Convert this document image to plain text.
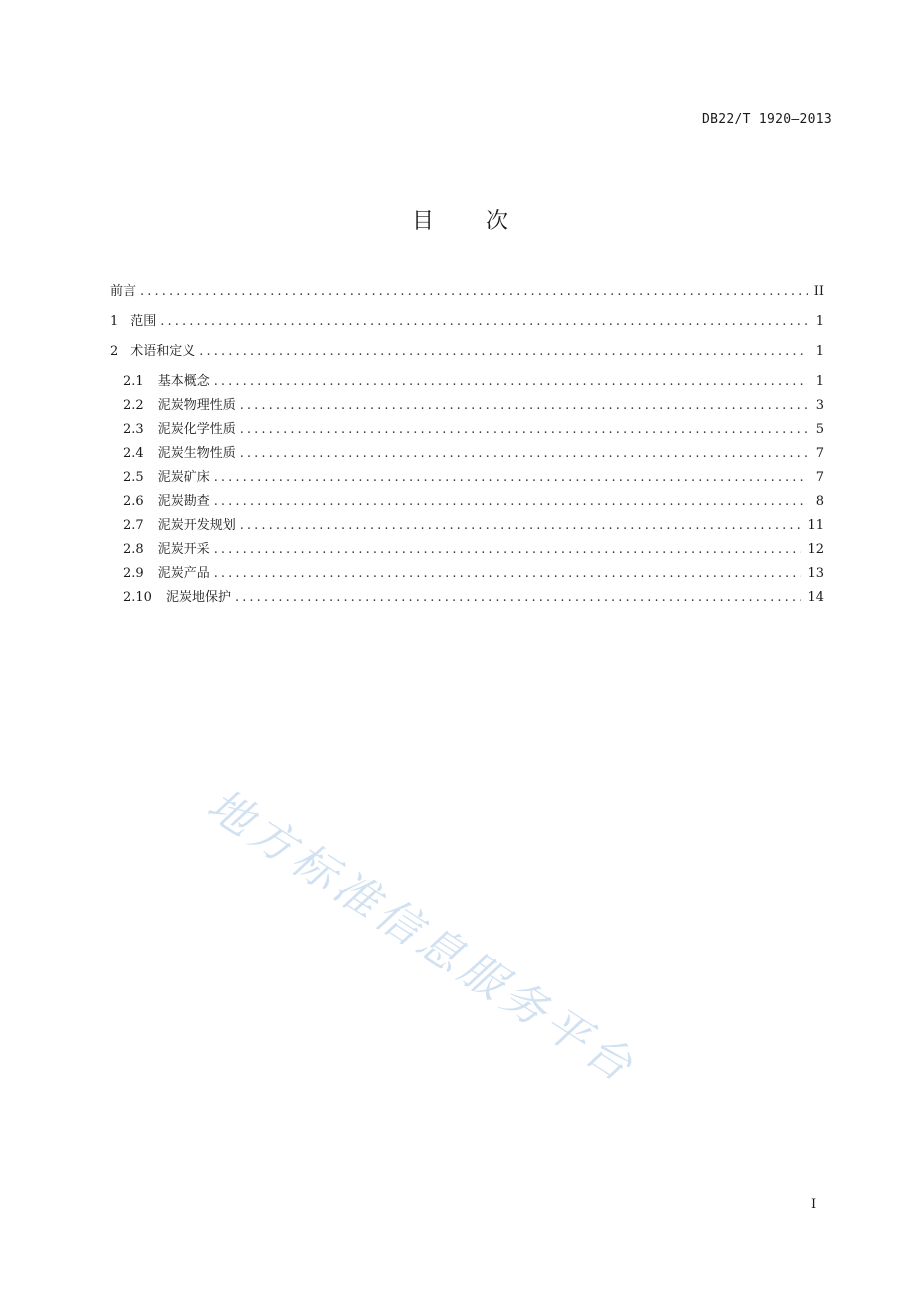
DB22/T 1920—2013
目 次
前言 .....	II
1 范围 .....	1
2 术语和定义 .....	1
2.1 基本概念 .....	1
2.2 泥炭物理性质 .....	3
2.3 泥炭化学性质 .....	5
2.4 泥炭生物性质 .....	7
2.5 泥炭矿床 .....	7
2.6 泥炭勘查 .....	8
2.7 泥炭开发规划 .....	11
2.8 泥炭开采 .....	12
2.9 泥炭产品 .....	13
2.10 泥炭地保护 .....	14
地方标准信息服务平台
I
